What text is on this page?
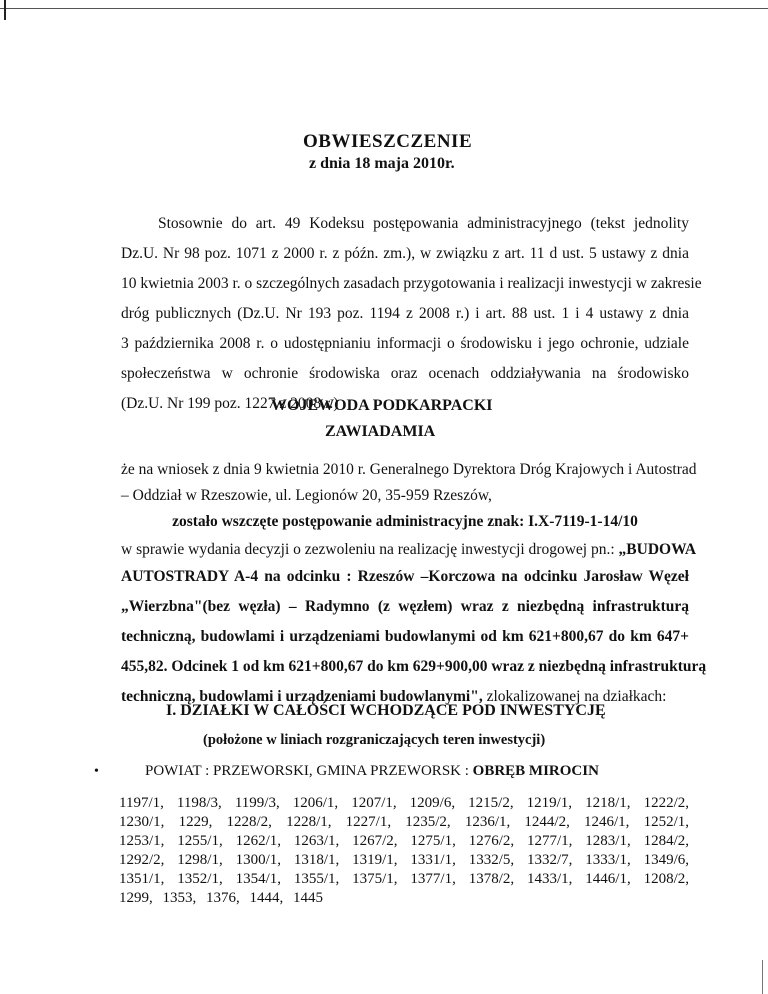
OBWIESZCZENIE
z dnia 18 maja 2010r.
Stosownie do art. 49 Kodeksu postępowania administracyjnego (tekst jednolity
Dz.U. Nr 98 poz. 1071 z 2000 r. z późn. zm.), w związku z art. 11 d ust. 5 ustawy z dnia
10 kwietnia 2003 r. o szczególnych zasadach przygotowania i realizacji inwestycji w zakresie
dróg publicznych (Dz.U. Nr 193 poz. 1194 z 2008 r.) i art. 88 ust. 1 i 4 ustawy z dnia
3 października 2008 r. o udostępnianiu informacji o środowisku i jego ochronie, udziale
społeczeństwa w ochronie środowiska oraz ocenach oddziaływania na środowisko
(Dz.U. Nr 199 poz. 1227 z 2008 r.)
WOJEWODA PODKARPACKI
ZAWIADAMIA
że na wniosek z dnia 9 kwietnia 2010 r. Generalnego Dyrektora Dróg Krajowych i Autostrad
– Oddział w Rzeszowie, ul. Legionów 20, 35-959 Rzeszów,
zostało wszczęte postępowanie administracyjne znak: I.X-7119-1-14/10
w sprawie wydania decyzji o zezwoleniu na realizację inwestycji drogowej pn.: „BUDOWA
AUTOSTRADY A-4 na odcinku : Rzeszów –Korczowa na odcinku Jarosław Węzeł
„Wierzbna"(bez węzła) – Radymno (z węzłem) wraz z niezbędną infrastrukturą
techniczną, budowlami i urządzeniami budowlanymi od km 621+800,67 do km 647+
455,82. Odcinek 1 od km 621+800,67 do km 629+900,00 wraz z niezbędną infrastrukturą
techniczną, budowlami i urządzeniami budowlanymi", zlokalizowanej na działkach:
I. DZIAŁKI W CAŁOŚCI WCHODZĄCE POD INWESTYCJĘ
(położone w liniach rozgraniczających teren inwestycji)
•	POWIAT : PRZEWORSKI, GMINA PRZEWORSK : OBRĘB MIROCIN
1197/1, 1198/3, 1199/3, 1206/1, 1207/1, 1209/6, 1215/2, 1219/1, 1218/1, 1222/2,
1230/1, 1229, 1228/2, 1228/1, 1227/1, 1235/2, 1236/1, 1244/2, 1246/1, 1252/1,
1253/1, 1255/1, 1262/1, 1263/1, 1267/2, 1275/1, 1276/2, 1277/1, 1283/1, 1284/2,
1292/2, 1298/1, 1300/1, 1318/1, 1319/1, 1331/1, 1332/5, 1332/7, 1333/1, 1349/6,
1351/1, 1352/1, 1354/1, 1355/1, 1375/1, 1377/1, 1378/2, 1433/1, 1446/1, 1208/2,
1299, 1353, 1376, 1444, 1445
